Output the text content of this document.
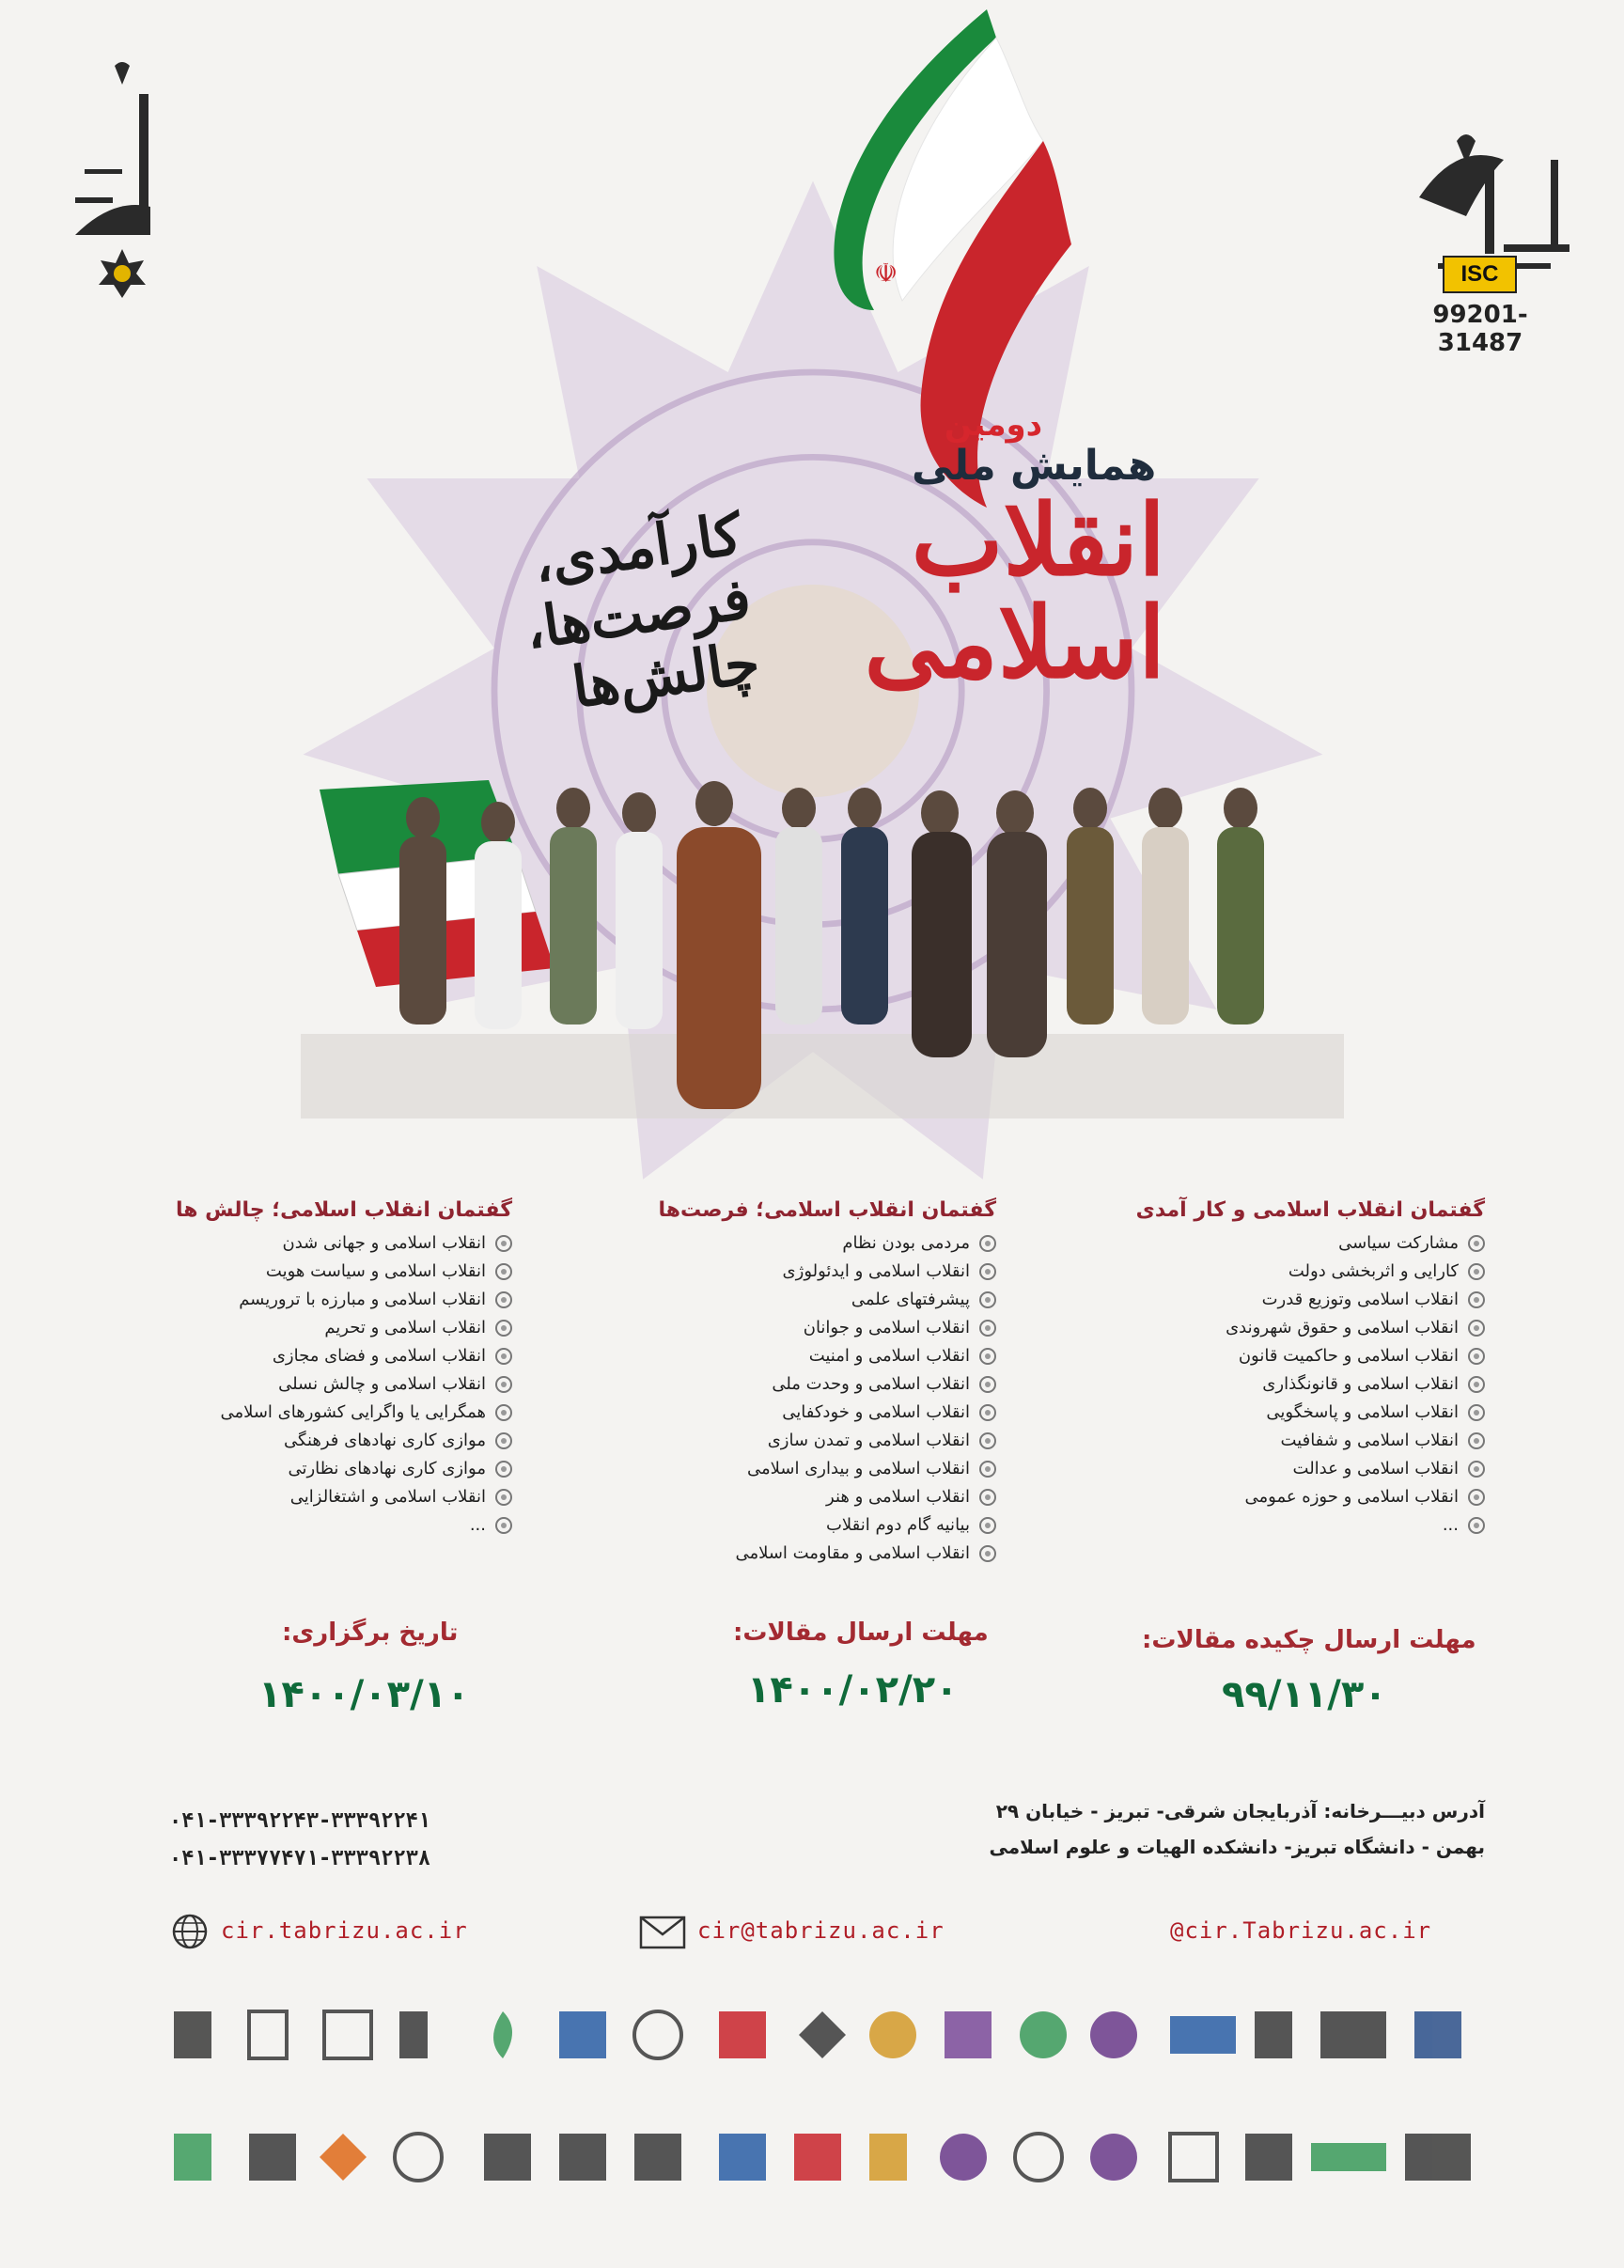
ISC
99201-31487
☫
دومین
همایش ملی
انقلاب اسلامی
کارآمدی، فرصت‌ها، چالش‌ها
گفتمان انقلاب اسلامی و کار آمدی
مشارکت سیاسی
کارایی و اثربخشی دولت
انقلاب اسلامی وتوزیع قدرت
انقلاب اسلامی و حقوق شهروندی
انقلاب اسلامی و حاکمیت قانون
انقلاب اسلامی و قانونگذاری
انقلاب اسلامی و پاسخگویی
انقلاب اسلامی و شفافیت
انقلاب اسلامی و عدالت
انقلاب اسلامی و حوزه عمومی
...
گفتمان انقلاب اسلامی؛ فرصت‌ها
مردمی بودن نظام
انقلاب اسلامی و ایدئولوژی
پیشرفتهای علمی
انقلاب اسلامی و جوانان
انقلاب اسلامی و امنیت
انقلاب اسلامی و وحدت ملی
انقلاب اسلامی و خودکفایی
انقلاب اسلامی و تمدن سازی
انقلاب اسلامی و بیداری اسلامی
انقلاب اسلامی و هنر
بیانیه گام دوم انقلاب
انقلاب اسلامی و مقاومت اسلامی
گفتمان انقلاب اسلامی؛ چالش ها
انقلاب اسلامی و جهانی شدن
انقلاب اسلامی و سیاست هویت
انقلاب اسلامی و مبارزه با تروریسم
انقلاب اسلامی و تحریم
انقلاب اسلامی و فضای مجازی
انقلاب اسلامی و چالش نسلی
همگرایی یا واگرایی کشورهای اسلامی
موازی کاری نهادهای فرهنگی
موازی کاری نهادهای نظارتی
انقلاب اسلامی و اشتغالزایی
...
مهلت ارسال چکیده مقالات:
۹۹/۱۱/۳۰
مهلت ارسال مقالات:
۱۴۰۰/۰۲/۲۰
تاریخ برگزاری:
۱۴۰۰/۰۳/۱۰
آدرس دبیـــرخانه: آذربایجان شرقی- تبریز - خیابان ۲۹
بهمن - دانشگاه تبریز- دانشکده الهیات و علوم اسلامی
۰۴۱-۳۳۳۹۲۲۴۳-۳۳۳۹۲۲۴۱
۰۴۱-۳۳۳۷۷۴۷۱-۳۳۳۹۲۲۳۸
cir.tabrizu.ac.ir	cir@tabrizu.ac.ir	@cir.Tabrizu.ac.ir
